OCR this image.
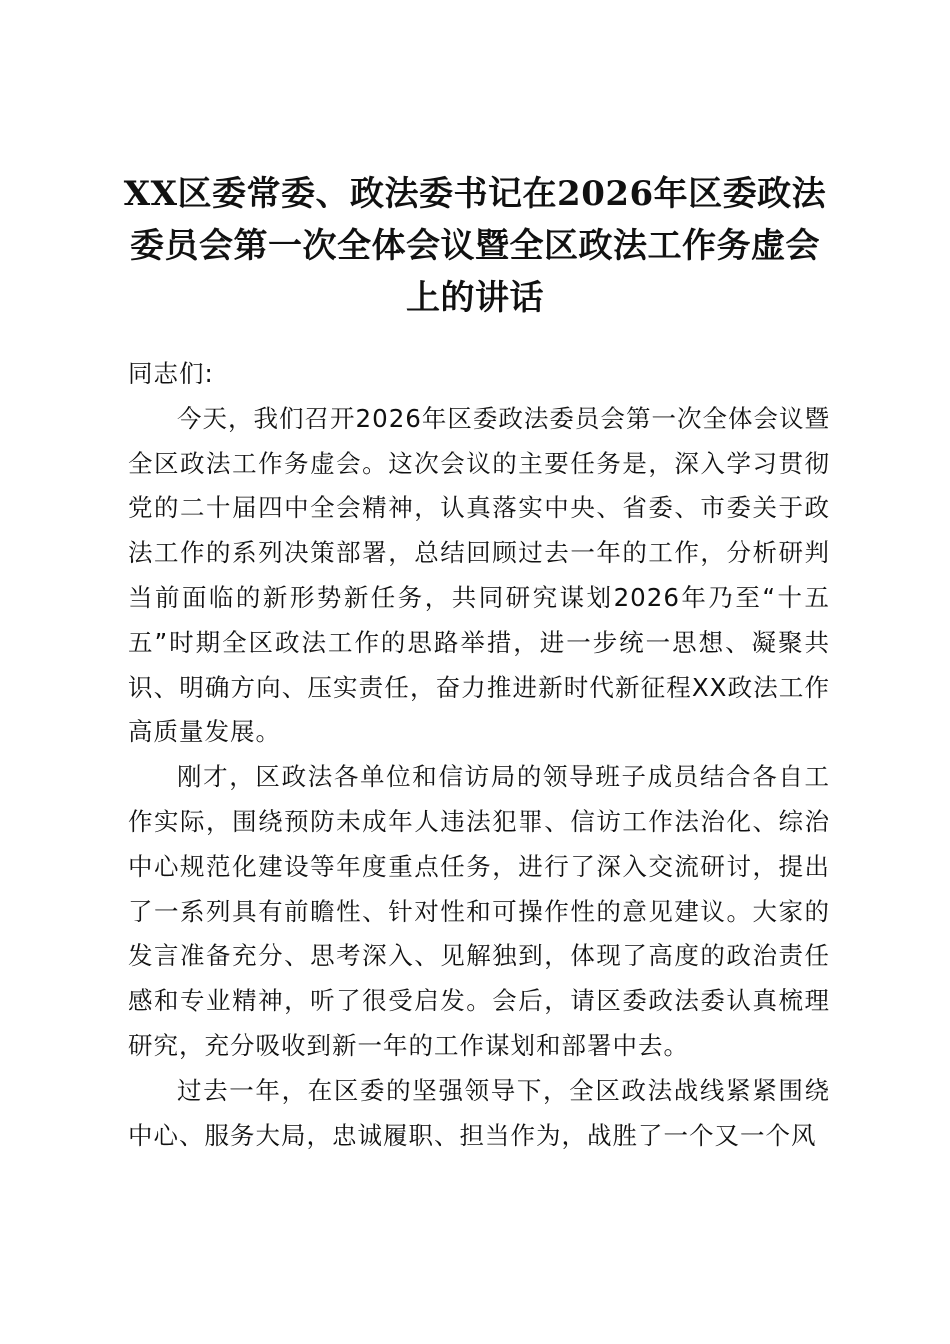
XX区委常委、政法委书记在2026年区委政法委员会第一次全体会议暨全区政法工作务虚会上的讲话

同志们:

今天，我们召开2026年区委政法委员会第一次全体会议暨全区政法工作务虚会。这次会议的主要任务是，深入学习贯彻党的二十届四中全会精神，认真落实中央、省委、市委关于政法工作的系列决策部署，总结回顾过去一年的工作，分析研判当前面临的新形势新任务，共同研究谋划2026年乃至“十五五”时期全区政法工作的思路举措，进一步统一思想、凝聚共识、明确方向、压实责任，奋力推进新时代新征程XX政法工作高质量发展。

刚才，区政法各单位和信访局的领导班子成员结合各自工作实际，围绕预防未成年人违法犯罪、信访工作法治化、综治中心规范化建设等年度重点任务，进行了深入交流研讨，提出了一系列具有前瞻性、针对性和可操作性的意见建议。大家的发言准备充分、思考深入、见解独到，体现了高度的政治责任感和专业精神，听了很受启发。会后，请区委政法委认真梳理研究，充分吸收到新一年的工作谋划和部署中去。

过去一年，在区委的坚强领导下，全区政法战线紧紧围绕中心、服务大局，忠诚履职、担当作为，战胜了一个又一个风
